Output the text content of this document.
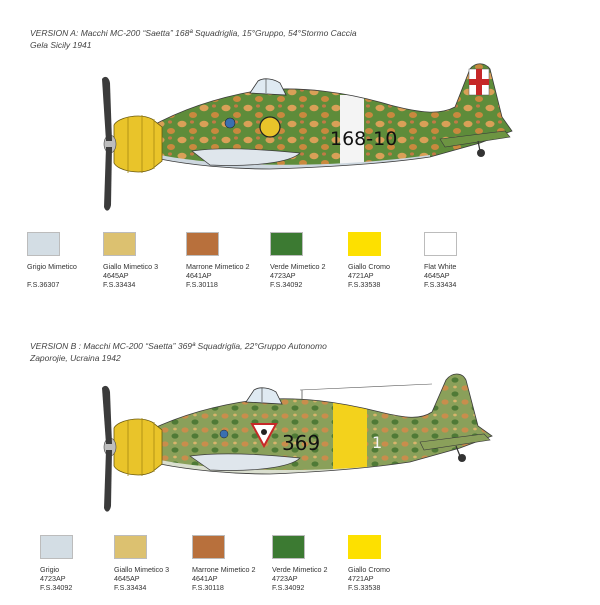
VERSION A: Macchi MC-200 “Saetta” 168ª Squadriglia, 15°Gruppo, 54°Stormo Caccia
Gela Sicily 1941
168-10
Grigio Mimetico
F.S.36307
Giallo Mimetico 3
4645AP
F.S.33434
Marrone Mimetico 2
4641AP
F.S.30118
Verde Mimetico 2
4723AP
F.S.34092
Giallo Cromo
4721AP
F.S.33538
Flat White
4645AP
F.S.33434
VERSION B : Macchi MC-200 “Saetta” 369ª Squadriglia, 22°Gruppo Autonomo
Zaporojie, Ucraina 1942
369	1
Grigio
4723AP
F.S.34092
Giallo Mimetico 3
4645AP
F.S.33434
Marrone Mimetico 2
4641AP
F.S.30118
Verde Mimetico 2
4723AP
F.S.34092
Giallo Cromo
4721AP
F.S.33538
